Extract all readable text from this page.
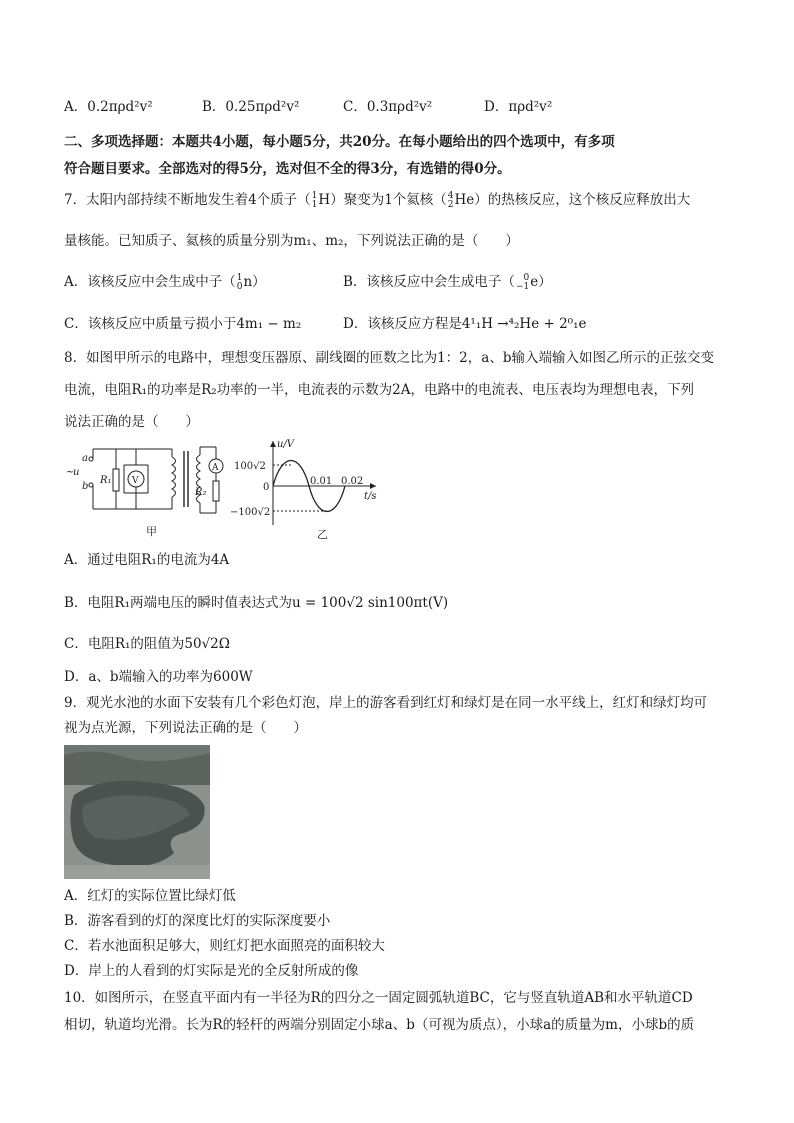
A．0.2πρd²v²	B．0.25πρd²v²	C．0.3πρd²v²	D．πρd²v²
二、多项选择题：本题共4小题，每小题5分，共20分。在每小题给出的四个选项中，有多项
符合题目要求。全部选对的得5分，选对但不全的得3分，有选错的得0分。
7．太阳内部持续不断地发生着4个质子（ 1
1 H）聚变为1个氦核（ 4
2 He）的热核反应，这个核反应释放出大
量核能。已知质子、氦核的质量分别为m₁、m₂，下列说法正确的是（　　）
A．该核反应中会生成中子（ 1
0 n）	B．该核反应中会生成电子（ 0
−1 e）
C．该核反应中质量亏损小于4m₁ − m₂	D．该核反应方程是4¹₁H →⁴₂He + 2⁰₁e
8．如图甲所示的电路中，理想变压器原、副线圈的匝数之比为1：2，a、b输入端输入如图乙所示的正弦交变
电流，电阻R₁的功率是R₂功率的一半，电流表的示数为2A，电路中的电流表、电压表均为理想电表，下列
说法正确的是（　　）
a
b
~
u
R₁ V
A
R₂
甲
u/V
t/s
100√2
−100√2
0
0.01 0.02
乙
A．通过电阻R₁的电流为4A
B．电阻R₁两端电压的瞬时值表达式为u = 100√2 sin100πt(V)
C．电阻R₁的阻值为50√2Ω
D．a、b端输入的功率为600W
9．观光水池的水面下安装有几个彩色灯泡，岸上的游客看到红灯和绿灯是在同一水平线上，红灯和绿灯均可
视为点光源，下列说法正确的是（　　）
A．红灯的实际位置比绿灯低
B．游客看到的灯的深度比灯的实际深度要小
C．若水池面积足够大，则红灯把水面照亮的面积较大
D．岸上的人看到的灯实际是光的全反射所成的像
10．如图所示，在竖直平面内有一半径为R的四分之一固定圆弧轨道BC，它与竖直轨道AB和水平轨道CD
相切，轨道均光滑。长为R的轻杆的两端分别固定小球a、b（可视为质点），小球a的质量为m，小球b的质
